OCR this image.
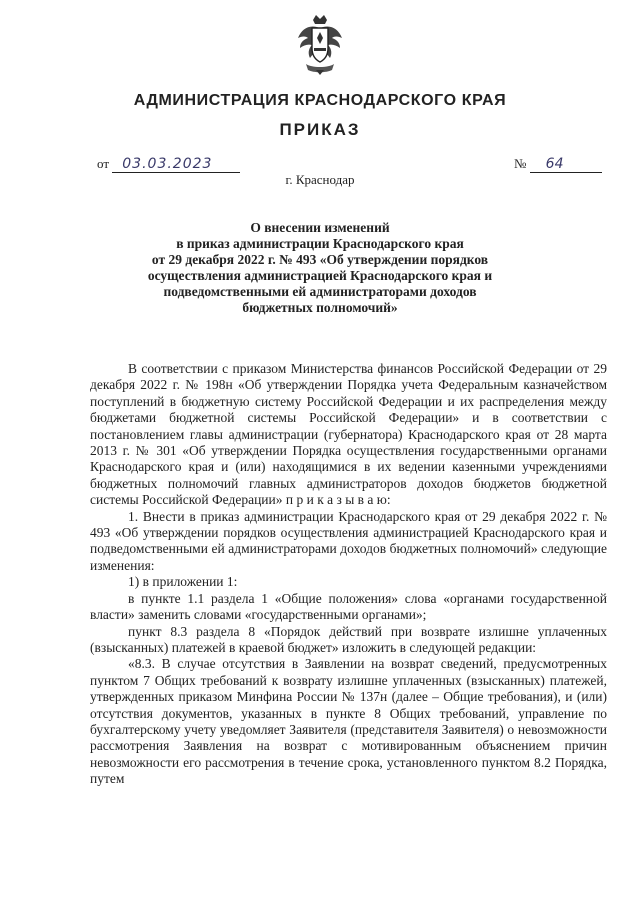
АДМИНИСТРАЦИЯ КРАСНОДАРСКОГО КРАЯ
ПРИКАЗ
от 03.03.2023	№ 64
г. Краснодар
О внесении изменений
в приказ администрации Краснодарского края
от 29 декабря 2022 г. № 493 «Об утверждении порядков
осуществления администрацией Краснодарского края и
подведомственными ей администраторами доходов
бюджетных полномочий»

В соответствии с приказом Министерства финансов Российской Федерации от 29 декабря 2022 г. № 198н «Об утверждении Порядка учета Федеральным казначейством поступлений в бюджетную систему Российской Федерации и их распределения между бюджетами бюджетной системы Российской Федерации» и в соответствии с постановлением главы администрации (губернатора) Краснодарского края от 28 марта 2013 г. № 301 «Об утверждении Порядка осуществления государственными органами Краснодарского края и (или) находящимися в их ведении казенными учреждениями бюджетных полномочий главных администраторов доходов бюджетов бюджетной системы Российской Федерации» п р и к а з ы в а ю:

1. Внести в приказ администрации Краснодарского края от 29 декабря 2022 г. № 493 «Об утверждении порядков осуществления администрацией Краснодарского края и подведомственными ей администраторами доходов бюджетных полномочий» следующие изменения:

1) в приложении 1:

в пункте 1.1 раздела 1 «Общие положения» слова «органами государственной власти» заменить словами «государственными органами»;

пункт 8.3 раздела 8 «Порядок действий при возврате излишне уплаченных (взысканных) платежей в краевой бюджет» изложить в следующей редакции:

«8.3. В случае отсутствия в Заявлении на возврат сведений, предусмотренных пунктом 7 Общих требований к возврату излишне уплаченных (взысканных) платежей, утвержденных приказом Минфина России № 137н (далее – Общие требования), и (или) отсутствия документов, указанных в пункте 8 Общих требований, управление по бухгалтерскому учету уведомляет Заявителя (представителя Заявителя) о невозможности рассмотрения Заявления на возврат с мотивированным объяснением причин невозможности его рассмотрения в течение срока, установленного пунктом 8.2 Порядка, путем
